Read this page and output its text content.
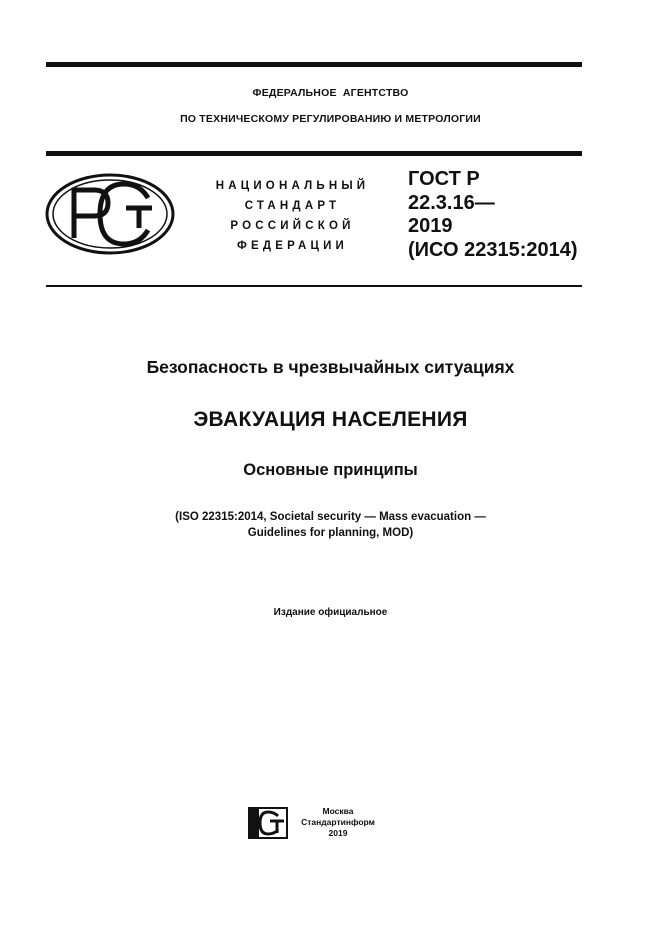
ФЕДЕРАЛЬНОЕ  АГЕНТСТВО
ПО ТЕХНИЧЕСКОМУ РЕГУЛИРОВАНИЮ И МЕТРОЛОГИИ
НАЦИОНАЛЬНЫЙ
СТАНДАРТ
РОССИЙСКОЙ
ФЕДЕРАЦИИ
ГОСТ Р
22.3.16—
2019
(ИСО 22315:2014)
Безопасность в чрезвычайных ситуациях
ЭВАКУАЦИЯ НАСЕЛЕНИЯ
Основные принципы
(ISO 22315:2014, Societal security — Mass evacuation —
Guidelines for planning, MOD)
Издание официальное
Москва
Стандартинформ
2019
